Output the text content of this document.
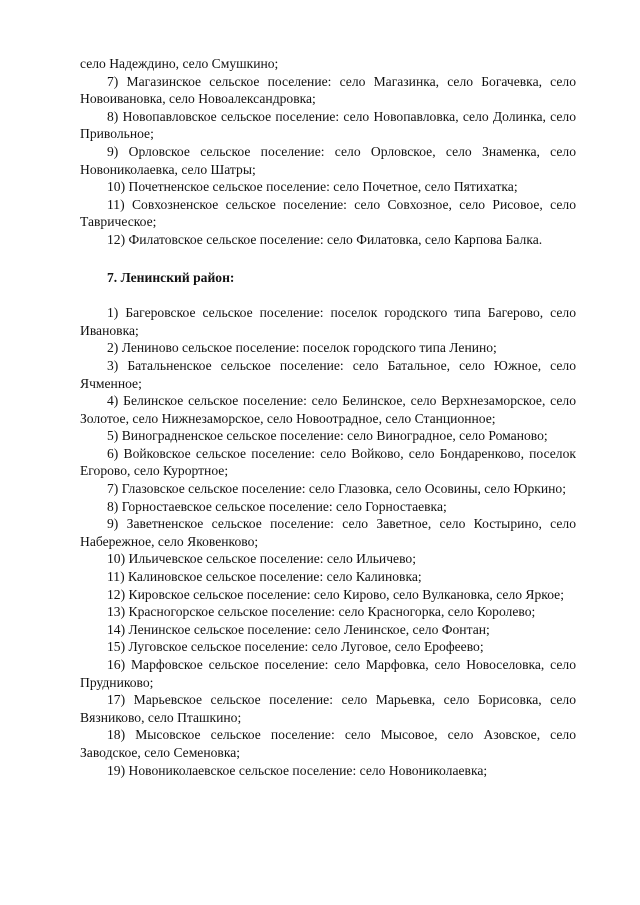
село Надеждино, село Смушкино;

7) Магазинское сельское поселение: село Магазинка, село Богачевка, село Новоивановка, село Новоалександровка;

8) Новопавловское сельское поселение: село Новопавловка, село Долинка, село Привольное;

9) Орловское сельское поселение: село Орловское, село Знаменка, село Новониколаевка, село Шатры;

10) Почетненское сельское поселение: село Почетное, село Пятихатка;

11) Совхозненское сельское поселение: село Совхозное, село Рисовое, село Таврическое;

12) Филатовское сельское поселение: село Филатовка, село Карпова Балка.

7. Ленинский район:

1) Багеровское сельское поселение: поселок городского типа Багерово, село Ивановка;

2) Лениново сельское поселение: поселок городского типа Ленино;

3) Батальненское сельское поселение: село Батальное, село Южное, село Ячменное;

4) Белинское сельское поселение: село Белинское, село Верхнезаморское, село Золотое, село Нижнезаморское, село Новоотрадное, село Станционное;

5) Виноградненское сельское поселение: село Виноградное, село Романово;

6) Войковское сельское поселение: село Войково, село Бондаренково, поселок Егорово, село Курортное;

7) Глазовское сельское поселение: село Глазовка, село Осовины, село Юркино;

8) Горностаевское сельское поселение: село Горностаевка;

9) Заветненское сельское поселение: село Заветное, село Костырино, село Набережное, село Яковенково;

10) Ильичевское сельское поселение: село Ильичево;

11) Калиновское сельское поселение: село Калиновка;

12) Кировское сельское поселение: село Кирово, село Вулкановка, село Яркое;

13) Красногорское сельское поселение: село Красногорка, село Королево;

14) Ленинское сельское поселение: село Ленинское, село Фонтан;

15) Луговское сельское поселение: село Луговое, село Ерофеево;

16) Марфовское сельское поселение: село Марфовка, село Новоселовка, село Прудниково;

17) Марьевское сельское поселение: село Марьевка, село Борисовка, село Вязниково, село Пташкино;

18) Мысовское сельское поселение: село Мысовое, село Азовское, село Заводское, село Семеновка;

19) Новониколаевское сельское поселение: село Новониколаевка;
